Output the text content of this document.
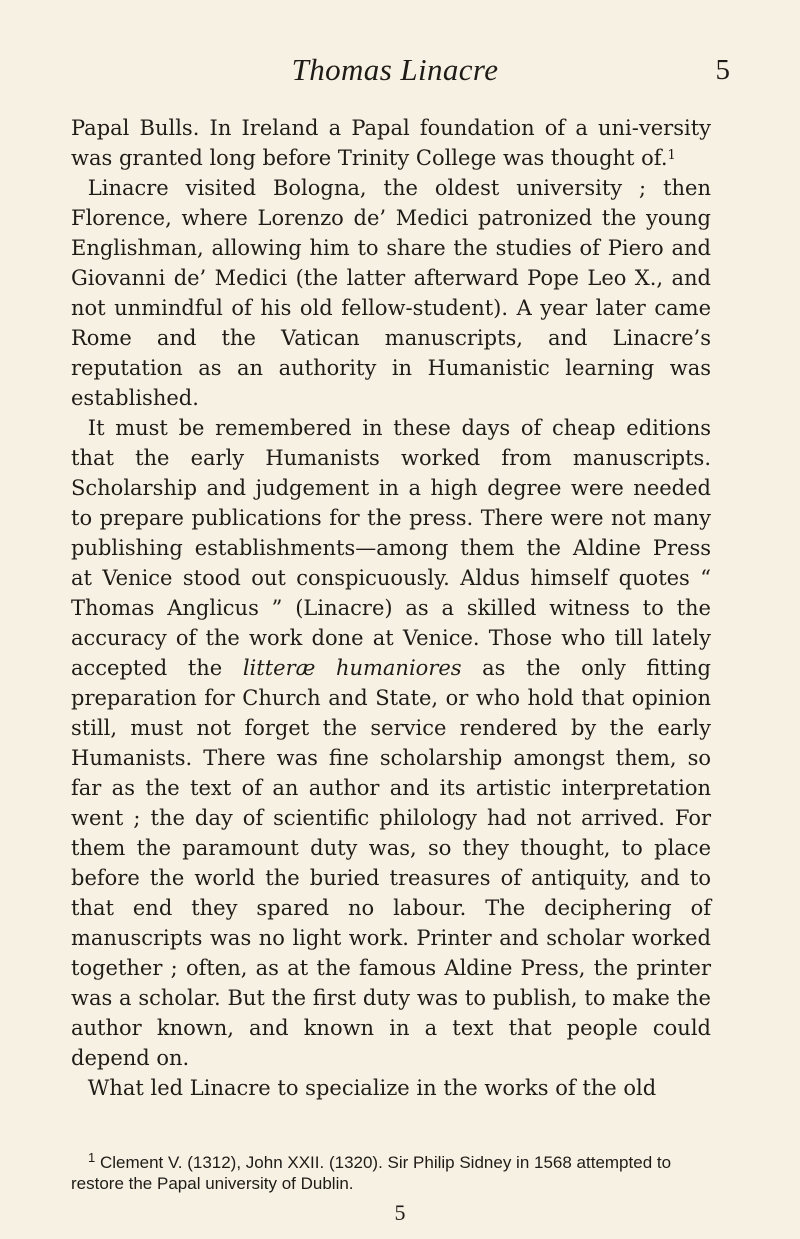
Thomas Linacre	5

Papal Bulls. In Ireland a Papal foundation of a uni-versity was granted long before Trinity College was thought of.$^1$

Linacre visited Bologna, the oldest university ; then Florence, where Lorenzo de’ Medici patronized the young Englishman, allowing him to share the studies of Piero and Giovanni de’ Medici (the latter afterward Pope Leo X., and not unmindful of his old fellow-student). A year later came Rome and the Vatican manuscripts, and Linacre’s reputation as an authority in Humanistic learning was established.

It must be remembered in these days of cheap editions that the early Humanists worked from manuscripts. Scholarship and judgement in a high degree were needed to prepare publications for the press. There were not many publishing establishments—among them the Aldine Press at Venice stood out conspicuously. Aldus himself quotes “ Thomas Anglicus ” (Linacre) as a skilled witness to the accuracy of the work done at Venice. Those who till lately accepted the litteræ humaniores as the only fitting preparation for Church and State, or who hold that opinion still, must not forget the service rendered by the early Humanists. There was fine scholarship amongst them, so far as the text of an author and its artistic interpretation went ; the day of scientific philology had not arrived. For them the paramount duty was, so they thought, to place before the world the buried treasures of antiquity, and to that end they spared no labour. The deciphering of manuscripts was no light work. Printer and scholar worked together ; often, as at the famous Aldine Press, the printer was a scholar. But the first duty was to publish, to make the author known, and known in a text that people could depend on.

What led Linacre to specialize in the works of the old

$^1$ Clement V. (1312), John XXII. (1320). Sir Philip Sidney in 1568 attempted to restore the Papal university of Dublin.

5
